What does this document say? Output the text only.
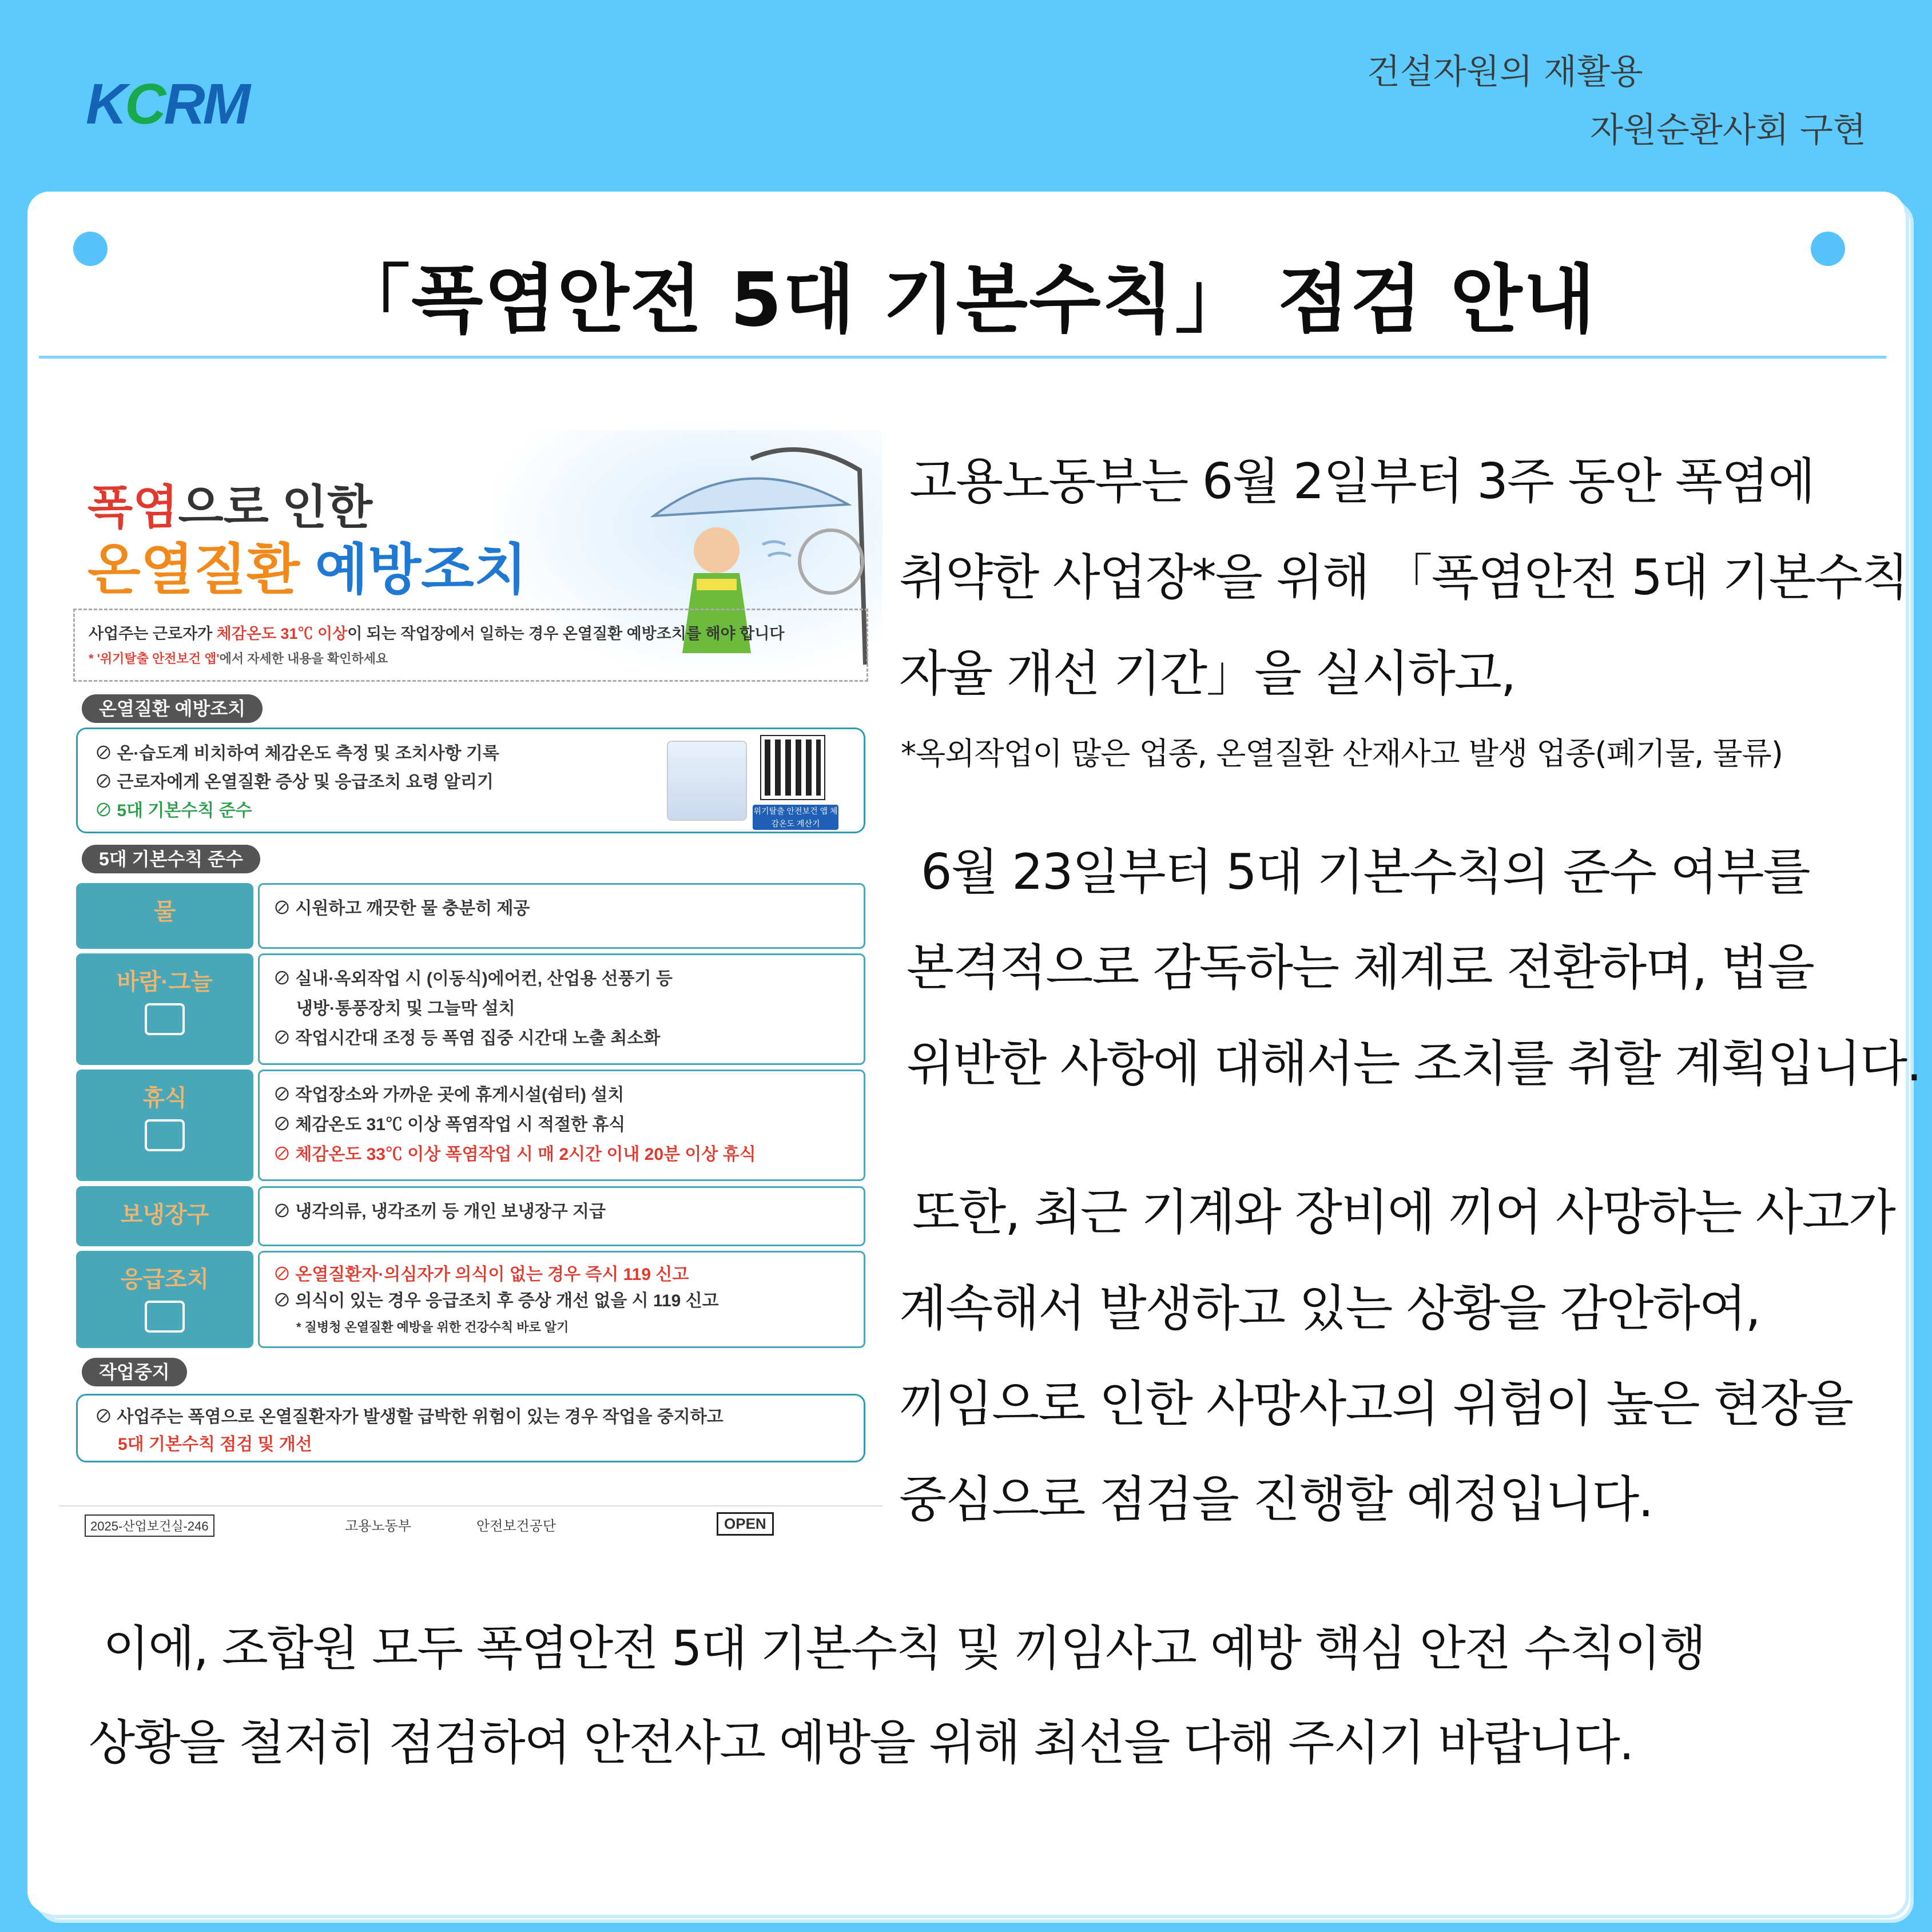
KCRM	건설자원의 재활용
자원순환사회 구현
「폭염안전 5대 기본수칙」 점검 안내
폭염으로 인한
온열질환 예방조치
사업주는 근로자가 체감온도 31℃ 이상이 되는 작업장에서 일하는 경우 온열질환 예방조치를 해야 합니다
* '위기탈출 안전보건 앱'에서 자세한 내용을 확인하세요
온열질환 예방조치
⊘ 온·습도계 비치하여 체감온도 측정 및 조치사항 기록
⊘ 근로자에게 온열질환 증상 및 응급조치 요령 알리기
⊘ 5대 기본수칙 준수	위기탈출 안전보건 앱 체감온도 계산기
5대 기본수칙 준수
물	⊘ 시원하고 깨끗한 물 충분히 제공
바람·그늘	⊘ 실내·옥외작업 시 (이동식)에어컨, 산업용 선풍기 등
냉방·통풍장치 및 그늘막 설치
⊘ 작업시간대 조정 등 폭염 집중 시간대 노출 최소화
휴식	⊘ 작업장소와 가까운 곳에 휴게시설(쉼터) 설치
⊘ 체감온도 31℃ 이상 폭염작업 시 적절한 휴식
⊘ 체감온도 33℃ 이상 폭염작업 시 매 2시간 이내 20분 이상 휴식
보냉장구	⊘ 냉각의류, 냉각조끼 등 개인 보냉장구 지급
응급조치	⊘ 온열질환자·의심자가 의식이 없는 경우 즉시 119 신고
⊘ 의식이 있는 경우 응급조치 후 증상 개선 없을 시 119 신고
* 질병청 온열질환 예방을 위한 건강수칙 바로 알기
작업중지
⊘ 사업주는 폭염으로 온열질환자가 발생할 급박한 위험이 있는 경우 작업을 중지하고
5대 기본수칙 점검 및 개선
2025-산업보건실-246	고용노동부	안전보건공단	OPEN
고용노동부는 6월 2일부터 3주 동안 폭염에
취약한 사업장*을 위해 「폭염안전 5대 기본수칙
자율 개선 기간」을 실시하고,
*옥외작업이 많은 업종, 온열질환 산재사고 발생 업종(폐기물, 물류)
6월 23일부터 5대 기본수칙의 준수 여부를
본격적으로 감독하는 체계로 전환하며, 법을
위반한 사항에 대해서는 조치를 취할 계획입니다.
또한, 최근 기계와 장비에 끼어 사망하는 사고가
계속해서 발생하고 있는 상황을 감안하여,
끼임으로 인한 사망사고의 위험이 높은 현장을
중심으로 점검을 진행할 예정입니다.
이에, 조합원 모두 폭염안전 5대 기본수칙 및 끼임사고 예방 핵심 안전 수칙이행
상황을 철저히 점검하여 안전사고 예방을 위해 최선을 다해 주시기 바랍니다.
